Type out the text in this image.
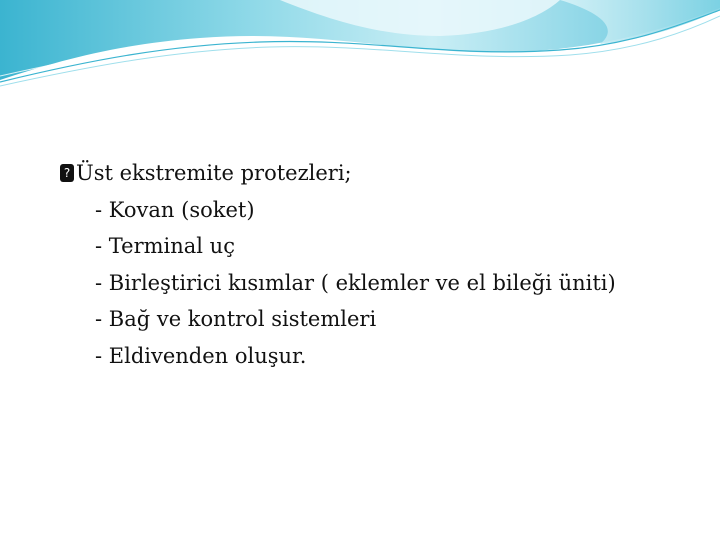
? Üst ekstremite protezleri;
- Kovan (soket)
- Terminal uç
- Birleştirici kısımlar ( eklemler ve el bileği üniti)
- Bağ ve kontrol sistemleri
- Eldivenden oluşur.
